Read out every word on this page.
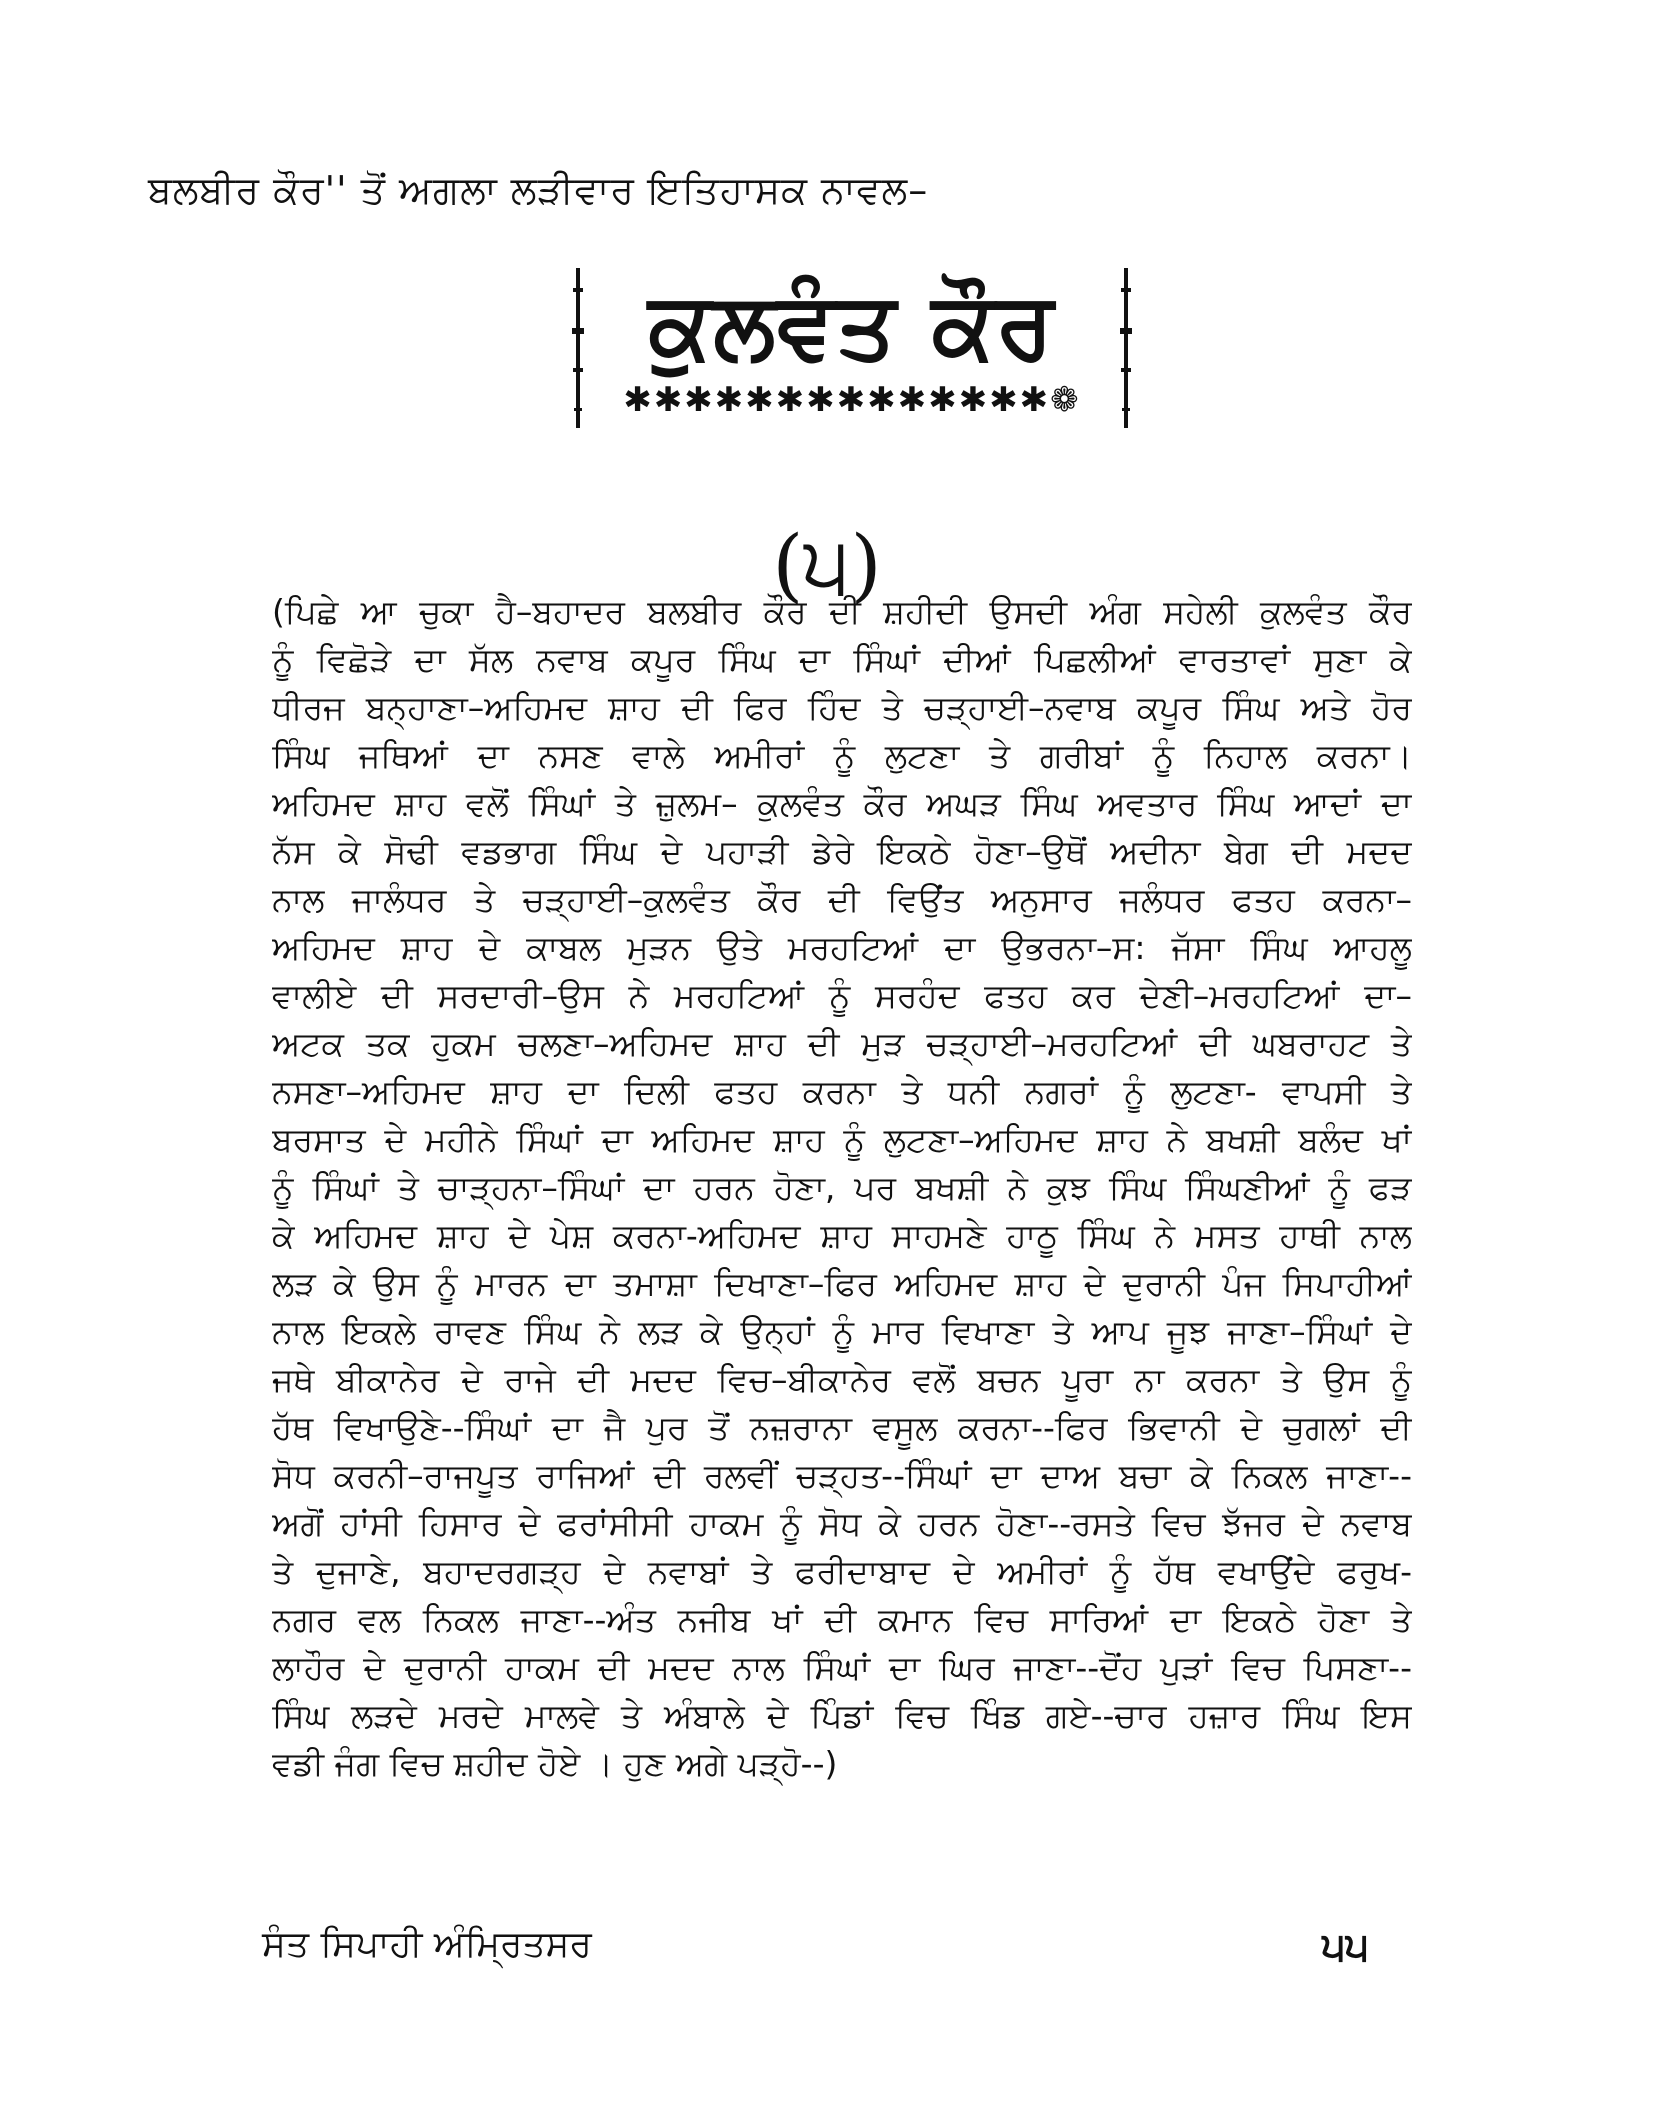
ਬਲਬੀਰ ਕੌਰ'' ਤੋਂ ਅਗਲਾ ਲੜੀਵਾਰ ਇਤਿਹਾਸਕ ਨਾਵਲ–
ਕੁਲਵੰਤ ਕੌਰ
✱✱✱✱✱✱✱✱✱✱✱✱✱✱❁
(੫)
(ਪਿਛੇ ਆ ਚੁਕਾ ਹੈ–ਬਹਾਦਰ ਬਲਬੀਰ ਕੌਰ ਦੀ ਸ਼ਹੀਦੀ ਉਸਦੀ ਅੰਗ ਸਹੇਲੀ ਕੁਲਵੰਤ ਕੌਰ
ਨੂੰ ਵਿਛੋੜੇ ਦਾ ਸੱਲ ਨਵਾਬ ਕਪੂਰ ਸਿੰਘ ਦਾ ਸਿੰਘਾਂ ਦੀਆਂ ਪਿਛਲੀਆਂ ਵਾਰਤਾਵਾਂ ਸੁਣਾ ਕੇ
ਧੀਰਜ ਬਨ੍ਹਾਣਾ–ਅਹਿਮਦ ਸ਼ਾਹ ਦੀ ਫਿਰ ਹਿੰਦ ਤੇ ਚੜ੍ਹਾਈ–ਨਵਾਬ ਕਪੂਰ ਸਿੰਘ ਅਤੇ ਹੋਰ
ਸਿੰਘ ਜਥਿਆਂ ਦਾ ਨਸਣ ਵਾਲੇ ਅਮੀਰਾਂ ਨੂੰ ਲੁਟਣਾ ਤੇ ਗਰੀਬਾਂ ਨੂੰ ਨਿਹਾਲ ਕਰਨਾ।
ਅਹਿਮਦ ਸ਼ਾਹ ਵਲੋਂ ਸਿੰਘਾਂ ਤੇ ਜ਼ੁਲਮ– ਕੁਲਵੰਤ ਕੌਰ ਅਘੜ ਸਿੰਘ ਅਵਤਾਰ ਸਿੰਘ ਆਦਾਂ ਦਾ
ਨੱਸ ਕੇ ਸੋਢੀ ਵਡਭਾਗ ਸਿੰਘ ਦੇ ਪਹਾੜੀ ਡੇਰੇ ਇਕਠੇ ਹੋਣਾ–ਉਥੋਂ ਅਦੀਨਾ ਬੇਗ ਦੀ ਮਦਦ
ਨਾਲ ਜਾਲੰਧਰ ਤੇ ਚੜ੍ਹਾਈ–ਕੁਲਵੰਤ ਕੌਰ ਦੀ ਵਿਉਂਤ ਅਨੁਸਾਰ ਜਲੰਧਰ ਫਤਹ ਕਰਨਾ–
ਅਹਿਮਦ ਸ਼ਾਹ ਦੇ ਕਾਬਲ ਮੁੜਨ ਉਤੇ ਮਰਹਟਿਆਂ ਦਾ ਉਭਰਨਾ–ਸ: ਜੱਸਾ ਸਿੰਘ ਆਹਲੂ
ਵਾਲੀਏ ਦੀ ਸਰਦਾਰੀ–ਉਸ ਨੇ ਮਰਹਟਿਆਂ ਨੂੰ ਸਰਹੰਦ ਫਤਹ ਕਰ ਦੇਣੀ–ਮਰਹਟਿਆਂ ਦਾ–
ਅਟਕ ਤਕ ਹੁਕਮ ਚਲਣਾ–ਅਹਿਮਦ ਸ਼ਾਹ ਦੀ ਮੁੜ ਚੜ੍ਹਾਈ–ਮਰਹਟਿਆਂ ਦੀ ਘਬਰਾਹਟ ਤੇ
ਨਸਣਾ–ਅਹਿਮਦ ਸ਼ਾਹ ਦਾ ਦਿਲੀ ਫਤਹ ਕਰਨਾ ਤੇ ਧਨੀ ਨਗਰਾਂ ਨੂੰ ਲੁਟਣਾ- ਵਾਪਸੀ ਤੇ
ਬਰਸਾਤ ਦੇ ਮਹੀਨੇ ਸਿੰਘਾਂ ਦਾ ਅਹਿਮਦ ਸ਼ਾਹ ਨੂੰ ਲੁਟਣਾ–ਅਹਿਮਦ ਸ਼ਾਹ ਨੇ ਬਖਸ਼ੀ ਬਲੰਦ ਖਾਂ
ਨੂੰ ਸਿੰਘਾਂ ਤੇ ਚਾੜ੍ਹਨਾ–ਸਿੰਘਾਂ ਦਾ ਹਰਨ ਹੋਣਾ, ਪਰ ਬਖਸ਼ੀ ਨੇ ਕੁਝ ਸਿੰਘ ਸਿੰਘਣੀਆਂ ਨੂੰ ਫੜ
ਕੇ ਅਹਿਮਦ ਸ਼ਾਹ ਦੇ ਪੇਸ਼ ਕਰਨਾ-ਅਹਿਮਦ ਸ਼ਾਹ ਸਾਹਮਣੇ ਹਾਠੂ ਸਿੰਘ ਨੇ ਮਸਤ ਹਾਥੀ ਨਾਲ
ਲੜ ਕੇ ਉਸ ਨੂੰ ਮਾਰਨ ਦਾ ਤਮਾਸ਼ਾ ਦਿਖਾਣਾ–ਫਿਰ ਅਹਿਮਦ ਸ਼ਾਹ ਦੇ ਦੁਰਾਨੀ ਪੰਜ ਸਿਪਾਹੀਆਂ
ਨਾਲ ਇਕਲੇ ਰਾਵਣ ਸਿੰਘ ਨੇ ਲੜ ਕੇ ਉਨ੍ਹਾਂ ਨੂੰ ਮਾਰ ਵਿਖਾਣਾ ਤੇ ਆਪ ਜੂਝ ਜਾਣਾ–ਸਿੰਘਾਂ ਦੇ
ਜਥੇ ਬੀਕਾਨੇਰ ਦੇ ਰਾਜੇ ਦੀ ਮਦਦ ਵਿਚ–ਬੀਕਾਨੇਰ ਵਲੋਂ ਬਚਨ ਪੂਰਾ ਨਾ ਕਰਨਾ ਤੇ ਉਸ ਨੂੰ
ਹੱਥ ਵਿਖਾਉਣੇ--ਸਿੰਘਾਂ ਦਾ ਜੈ ਪੁਰ ਤੋਂ ਨਜ਼ਰਾਨਾ ਵਸੂਲ ਕਰਨਾ--ਫਿਰ ਭਿਵਾਨੀ ਦੇ ਚੁਗਲਾਂ ਦੀ
ਸੋਧ ਕਰਨੀ–ਰਾਜਪੂਤ ਰਾਜਿਆਂ ਦੀ ਰਲਵੀਂ ਚੜ੍ਹਤ--ਸਿੰਘਾਂ ਦਾ ਦਾਅ ਬਚਾ ਕੇ ਨਿਕਲ ਜਾਣਾ--
ਅਗੋਂ ਹਾਂਸੀ ਹਿਸਾਰ ਦੇ ਫਰਾਂਸੀਸੀ ਹਾਕਮ ਨੂੰ ਸੋਧ ਕੇ ਹਰਨ ਹੋਣਾ--ਰਸਤੇ ਵਿਚ ਝੱਜਰ ਦੇ ਨਵਾਬ
ਤੇ ਦੁਜਾਣੇ, ਬਹਾਦਰਗੜ੍ਹ ਦੇ ਨਵਾਬਾਂ ਤੇ ਫਰੀਦਾਬਾਦ ਦੇ ਅਮੀਰਾਂ ਨੂੰ ਹੱਥ ਵਖਾਉਂਦੇ ਫਰੁਖ-
ਨਗਰ ਵਲ ਨਿਕਲ ਜਾਣਾ--ਅੰਤ ਨਜੀਬ ਖਾਂ ਦੀ ਕਮਾਨ ਵਿਚ ਸਾਰਿਆਂ ਦਾ ਇਕਠੇ ਹੋਣਾ ਤੇ
ਲਾਹੌਰ ਦੇ ਦੁਰਾਨੀ ਹਾਕਮ ਦੀ ਮਦਦ ਨਾਲ ਸਿੰਘਾਂ ਦਾ ਘਿਰ ਜਾਣਾ--ਦੋਂਹ ਪੁੜਾਂ ਵਿਚ ਪਿਸਣਾ--
ਸਿੰਘ ਲੜਦੇ ਮਰਦੇ ਮਾਲਵੇ ਤੇ ਅੰਬਾਲੇ ਦੇ ਪਿੰਡਾਂ ਵਿਚ ਖਿੰਡ ਗਏ--ਚਾਰ ਹਜ਼ਾਰ ਸਿੰਘ ਇਸ
ਵਡੀ ਜੰਗ ਵਿਚ ਸ਼ਹੀਦ ਹੋਏ । ਹੁਣ ਅਗੇ ਪੜ੍ਹੋ--)
ਸੰਤ ਸਿਪਾਹੀ ਅੰਮ੍ਰਿਤਸਰ	੫੫
